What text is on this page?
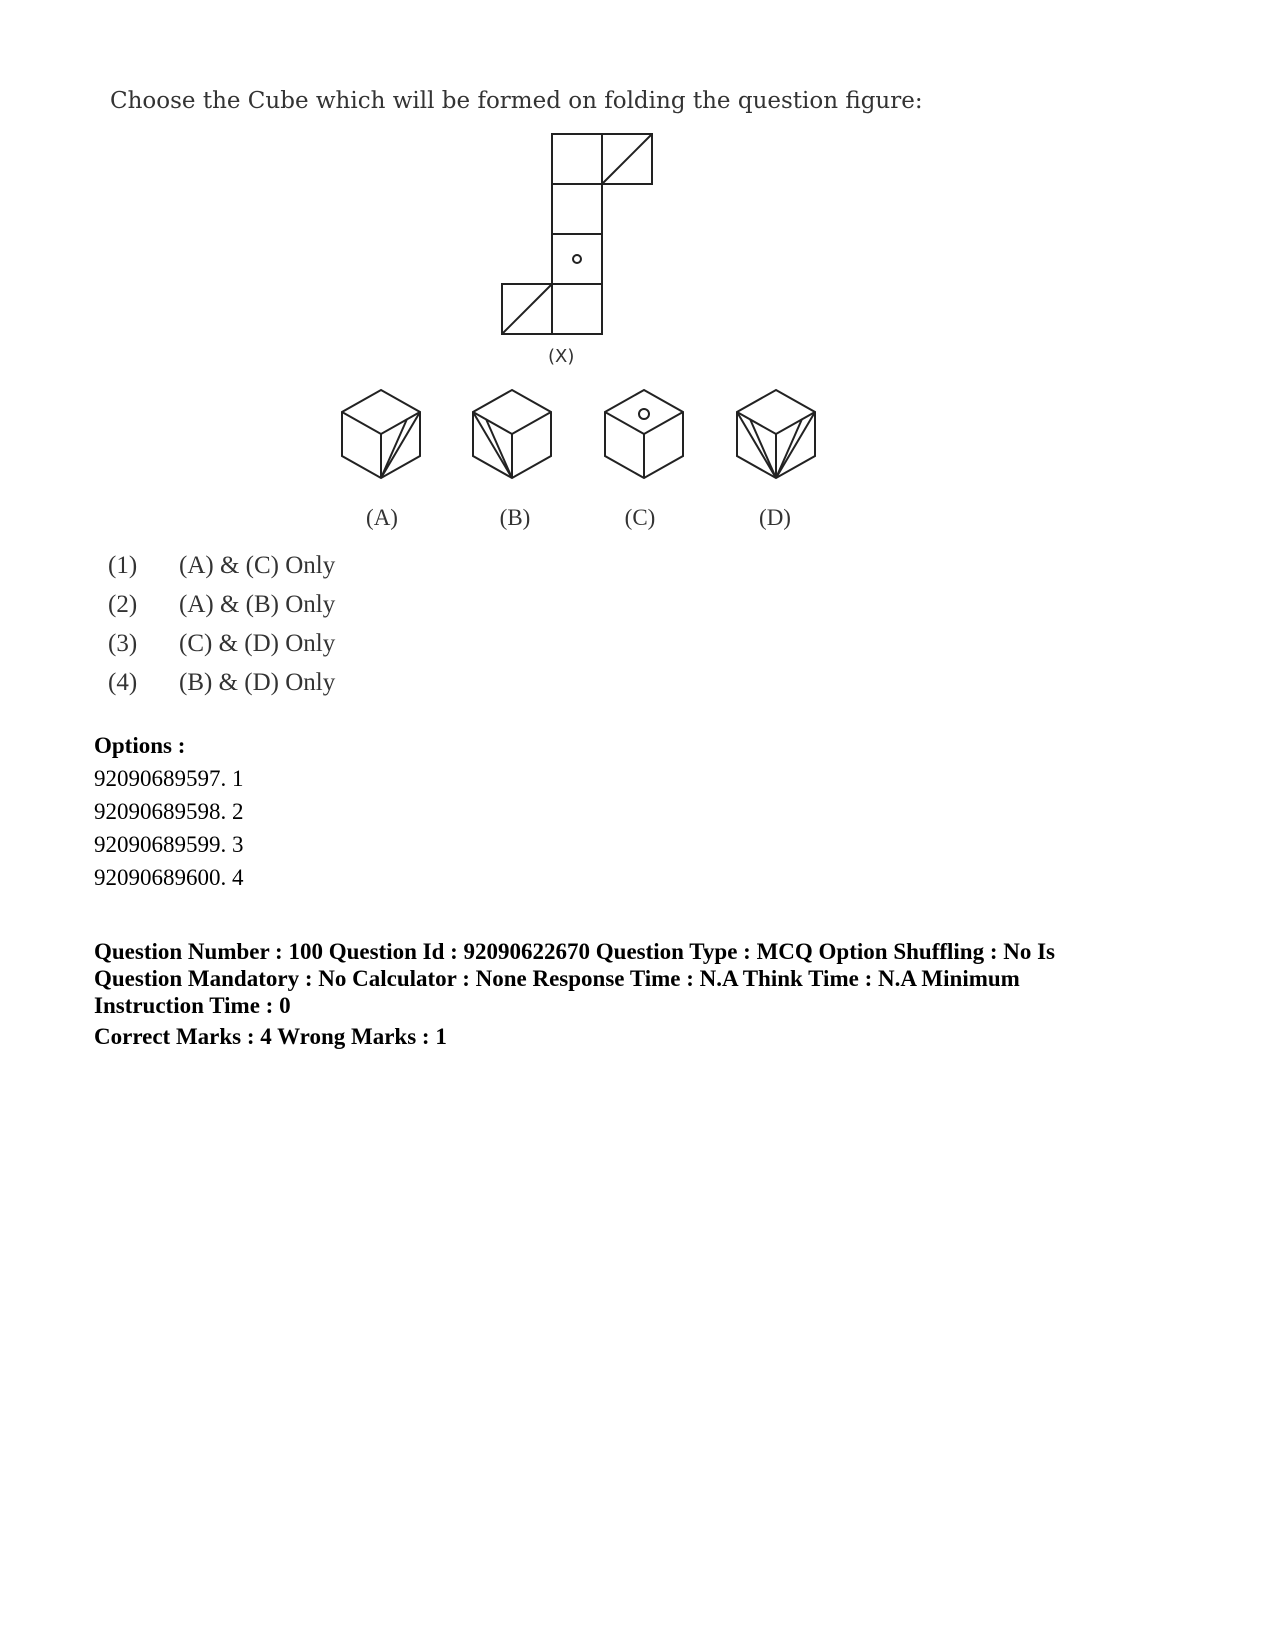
Choose the Cube which will be formed on folding the question figure:
(X)
(A)	(B)	(C)	(D)
(1) (A) & (C) Only
(2) (A) & (B) Only
(3) (C) & (D) Only
(4) (B) & (D) Only
Options :
92090689597. 1
92090689598. 2
92090689599. 3
92090689600. 4
Question Number : 100 Question Id : 92090622670 Question Type : MCQ Option Shuffling : No Is Question Mandatory : No Calculator : None Response Time : N.A Think Time : N.A Minimum Instruction Time : 0
Correct Marks : 4 Wrong Marks : 1
